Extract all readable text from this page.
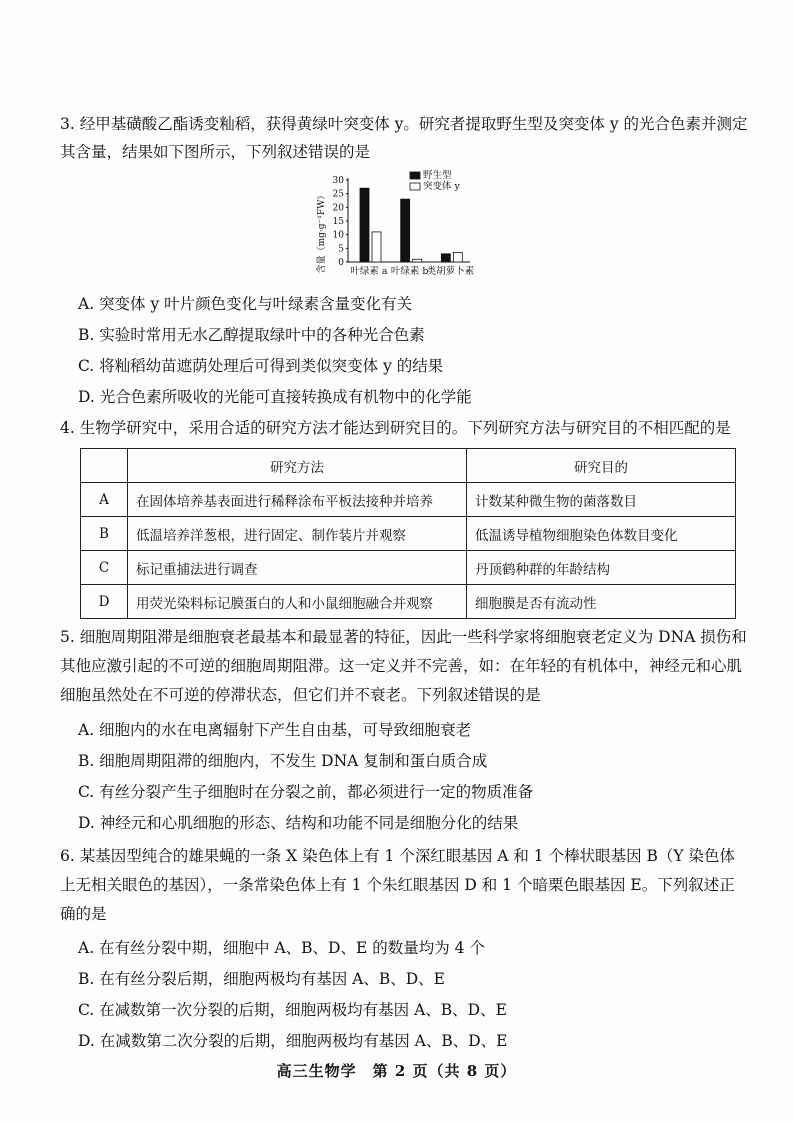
3. 经甲基磺酸乙酯诱变籼稻，获得黄绿叶突变体 y。研究者提取野生型及突变体 y 的光合色素并测定其含量，结果如下图所示，下列叙述错误的是
含量（mg·g⁻¹FW） 0
5
10
15
20
25
30
叶绿素 a 叶绿素 b
类胡萝卜素
野生型
突变体 y
A. 突变体 y 叶片颜色变化与叶绿素含量变化有关
B. 实验时常用无水乙醇提取绿叶中的各种光合色素
C. 将籼稻幼苗遮荫处理后可得到类似突变体 y 的结果
D. 光合色素所吸收的光能可直接转换成有机物中的化学能
4. 生物学研究中，采用合适的研究方法才能达到研究目的。下列研究方法与研究目的不相匹配的是
	研究方法	研究目的
A	在固体培养基表面进行稀释涂布平板法接种并培养	计数某种微生物的菌落数目
B	低温培养洋葱根，进行固定、制作装片并观察	低温诱导植物细胞染色体数目变化
C	标记重捕法进行调查	丹顶鹤种群的年龄结构
D	用荧光染料标记膜蛋白的人和小鼠细胞融合并观察	细胞膜是否有流动性
5. 细胞周期阻滞是细胞衰老最基本和最显著的特征，因此一些科学家将细胞衰老定义为 DNA 损伤和其他应激引起的不可逆的细胞周期阻滞。这一定义并不完善，如：在年轻的有机体中，神经元和心肌细胞虽然处在不可逆的停滞状态，但它们并不衰老。下列叙述错误的是
A. 细胞内的水在电离辐射下产生自由基，可导致细胞衰老
B. 细胞周期阻滞的细胞内，不发生 DNA 复制和蛋白质合成
C. 有丝分裂产生子细胞时在分裂之前，都必须进行一定的物质准备
D. 神经元和心肌细胞的形态、结构和功能不同是细胞分化的结果
6. 某基因型纯合的雄果蝇的一条 X 染色体上有 1 个深红眼基因 A 和 1 个棒状眼基因 B（Y 染色体上无相关眼色的基因），一条常染色体上有 1 个朱红眼基因 D 和 1 个暗栗色眼基因 E。下列叙述正确的是
A. 在有丝分裂中期，细胞中 A、B、D、E 的数量均为 4 个
B. 在有丝分裂后期，细胞两极均有基因 A、B、D、E
C. 在减数第一次分裂的后期，细胞两极均有基因 A、B、D、E
D. 在减数第二次分裂的后期，细胞两极均有基因 A、B、D、E
高三生物学　第 2 页（共 8 页）
